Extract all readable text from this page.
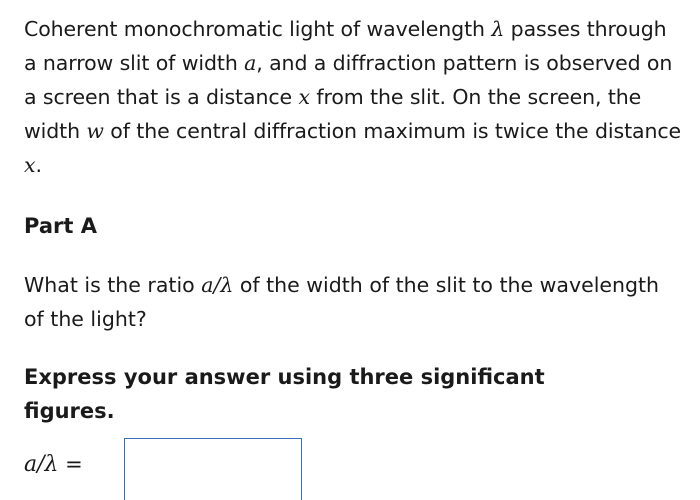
Coherent monochromatic light of wavelength λ passes through a narrow slit of width a, and a diffraction pattern is observed on a screen that is a distance x from the slit. On the screen, the width w of the central diffraction maximum is twice the distance x.

Part A

What is the ratio a/λ of the width of the slit to the wavelength of the light?

Express your answer using three significant figures.

a/λ =
